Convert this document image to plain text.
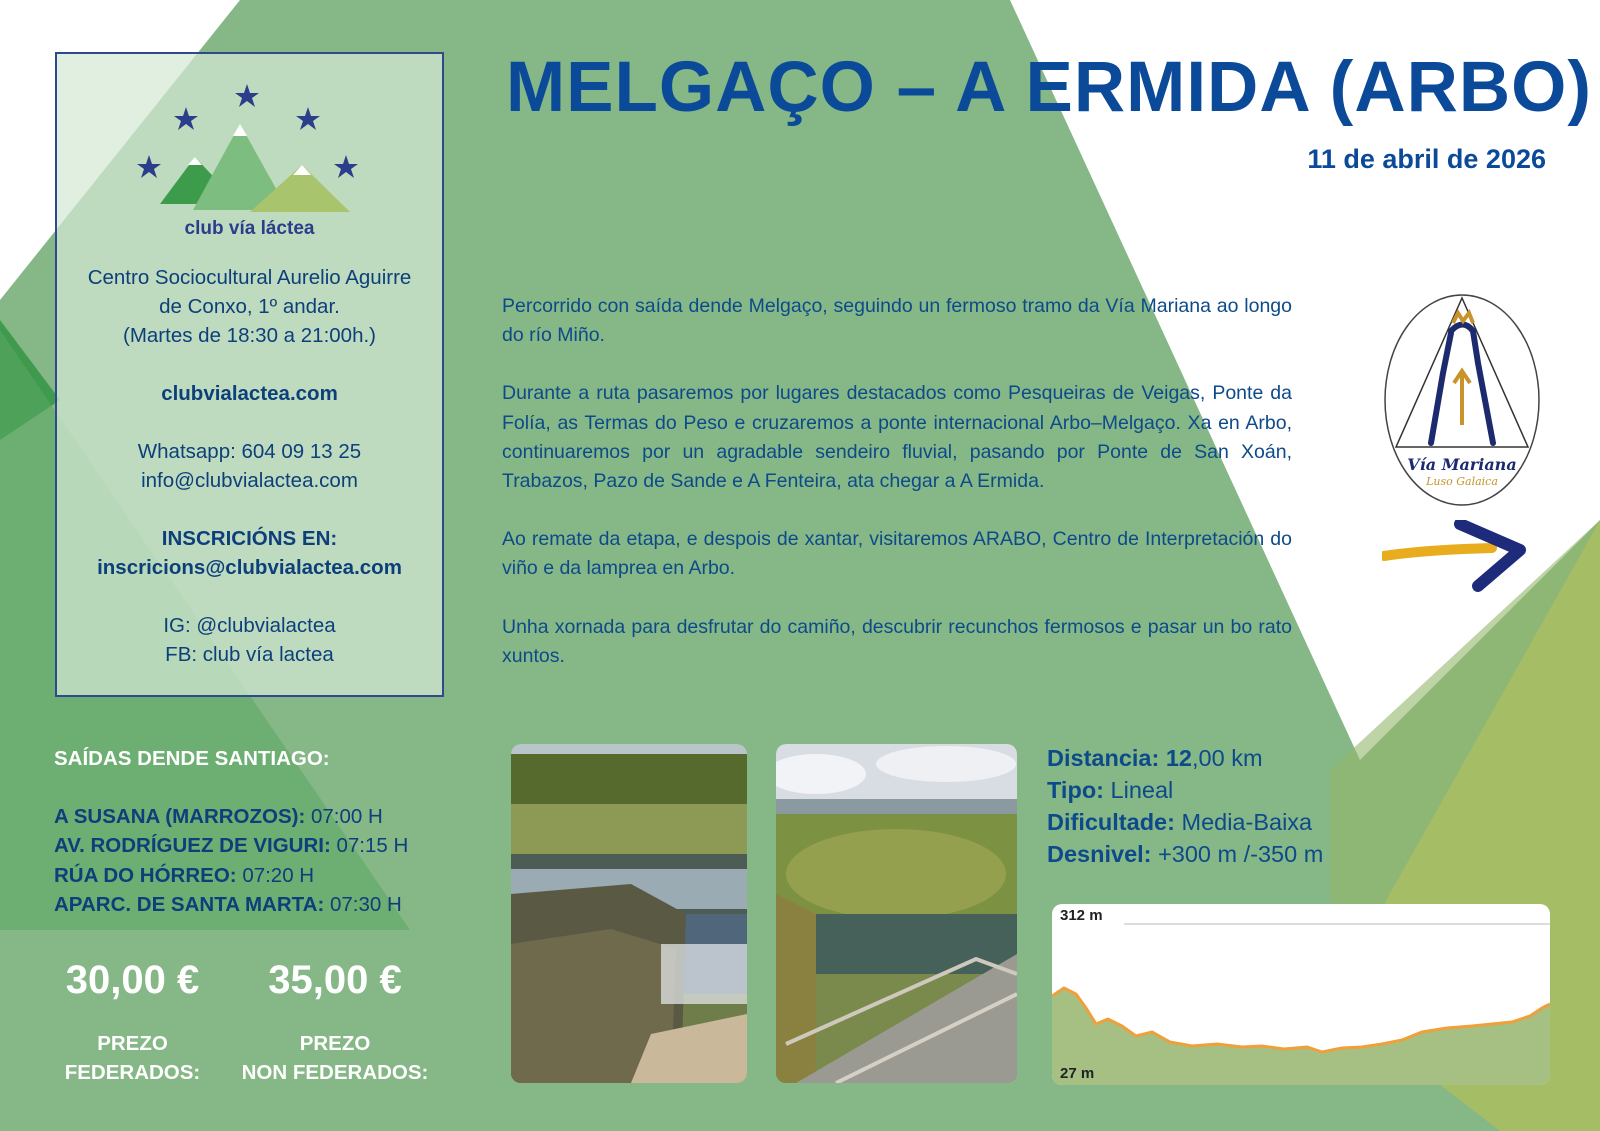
club vía láctea
Centro Sociocultural Aurelio Aguirre
de Conxo, 1º andar.
(Martes de 18:30 a 21:00h.)
clubvialactea.com
Whatsapp: 604 09 13 25
info@clubvialactea.com
INSCRICIÓNS EN:
inscricions@clubvialactea.com
IG: @clubvialactea
FB: club vía lactea
MELGAÇO – A ERMIDA (ARBO)
11 de abril de 2026

Percorrido con saída dende Melgaço, seguindo un fermoso tramo da Vía Mariana ao longo do río Miño.

Durante a ruta pasaremos por lugares destacados como Pesqueiras de Veigas, Ponte da Folía, as Termas do Peso e cruzaremos a ponte internacional Arbo–Melgaço. Xa en Arbo, continuaremos por un agradable sendeiro fluvial, pasando por Ponte de San Xoán, Trabazos, Pazo de Sande e A Fenteira, ata chegar a A Ermida.

Ao remate da etapa, e despois de xantar, visitaremos ARABO, Centro de Interpretación do viño e da lamprea en Arbo.

Unha xornada para desfrutar do camiño, descubrir recunchos fermosos e pasar un bo rato xuntos.

Vía Mariana
Luso Galaica
SAÍDAS DENDE SANTIAGO:
A SUSANA (MARROZOS): 07:00 H
AV. RODRÍGUEZ DE VIGURI: 07:15 H
RÚA DO HÓRREO: 07:20 H
APARC. DE SANTA MARTA: 07:30 H
30,00 €
PREZO
FEDERADOS:
35,00 €
PREZO
NON FEDERADOS:
Distancia: 12,00 km
Tipo: Lineal
Dificultade: Media-Baixa
Desnivel: +300 m /-350 m
312 m
27 m
